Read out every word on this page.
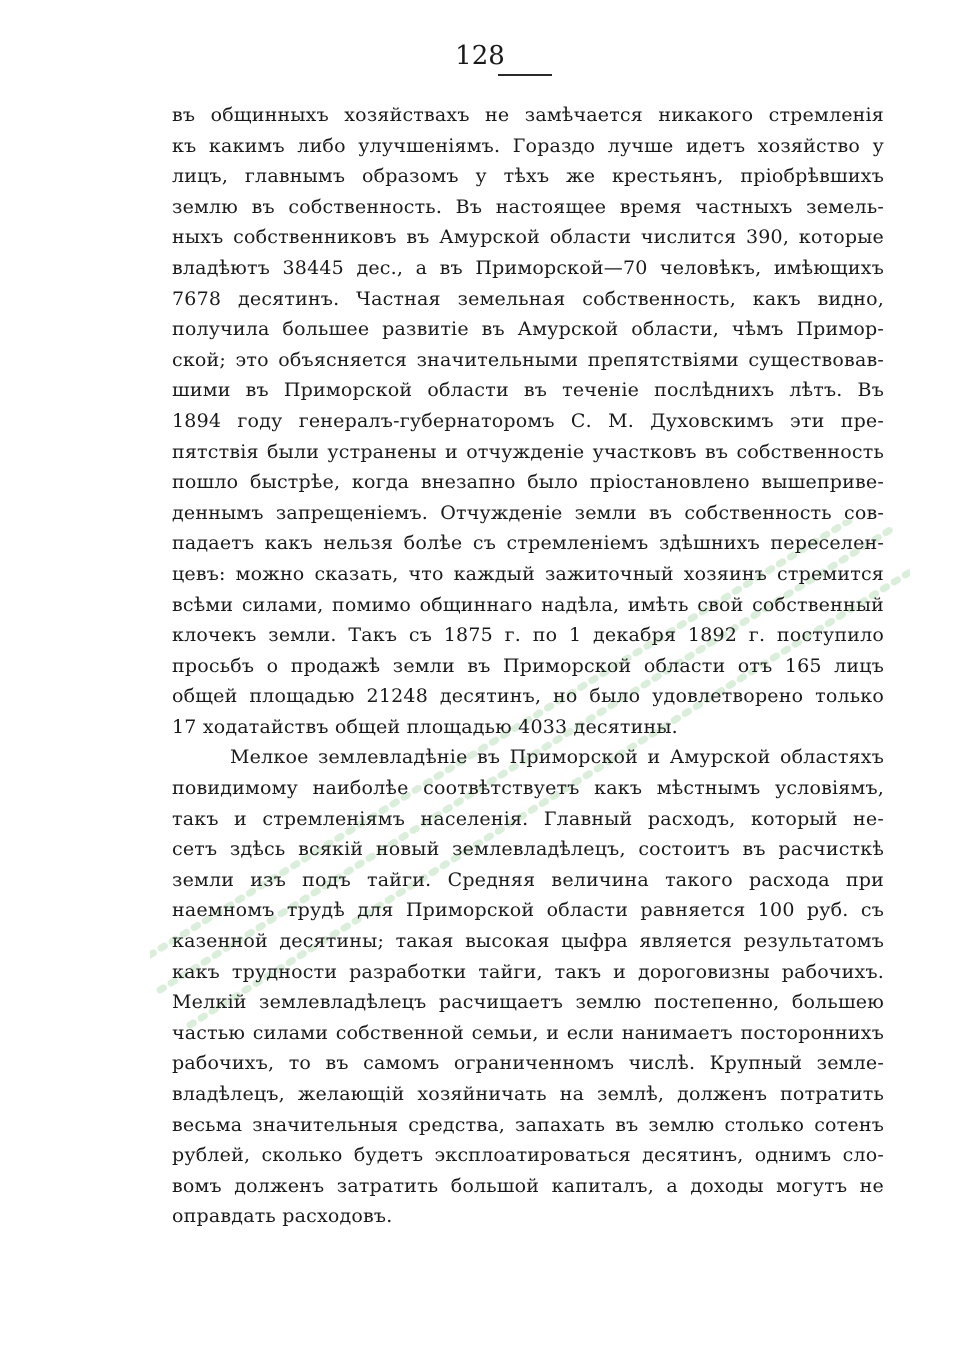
128
въ общинныхъ хозяйствахъ не замѣчается никакого стремленія
къ какимъ либо улучшеніямъ. Гораздо лучше идетъ хозяйство у
лицъ, главнымъ образомъ у тѣхъ же крестьянъ, пріобрѣвшихъ
землю въ собственность. Въ настоящее время частныхъ земель-
ныхъ собственниковъ въ Амурской области числится 390, которые
владѣютъ 38445 дес., а въ Приморской—70 человѣкъ, имѣющихъ
7678 десятинъ. Частная земельная собственность, какъ видно,
получила большее развитіе въ Амурской области, чѣмъ Примор-
ской; это объясняется значительными препятствіями существовав-
шими въ Приморской области въ теченіе послѣднихъ лѣтъ. Въ
1894 году генералъ-губернаторомъ С. М. Духовскимъ эти пре-
пятствія были устранены и отчужденіе участковъ въ собственность
пошло быстрѣе, когда внезапно было пріостановлено вышеприве-
деннымъ запрещеніемъ. Отчужденіе земли въ собственность сов-
падаетъ какъ нельзя болѣе съ стремленіемъ здѣшнихъ переселен-
цевъ: можно сказать, что каждый зажиточный хозяинъ стремится
всѣми силами, помимо общиннаго надѣла, имѣть свой собственный
клочекъ земли. Такъ съ 1875 г. по 1 декабря 1892 г. поступило
просьбъ о продажѣ земли въ Приморской области отъ 165 лицъ
общей площадью 21248 десятинъ, но было удовлетворено только
17 ходатайствъ общей площадью 4033 десятины.
Мелкое землевладѣніе въ Приморской и Амурской областяхъ
повидимому наиболѣе соотвѣтствуетъ какъ мѣстнымъ условіямъ,
такъ и стремленіямъ населенія. Главный расходъ, который не-
сетъ здѣсь всякій новый землевладѣлецъ, состоитъ въ расчисткѣ
земли изъ подъ тайги. Средняя величина такого расхода при
наемномъ трудѣ для Приморской области равняется 100 руб. съ
казенной десятины; такая высокая цыфра является результатомъ
какъ трудности разработки тайги, такъ и дороговизны рабочихъ.
Мелкій землевладѣлецъ расчищаетъ землю постепенно, большею
частью силами собственной семьи, и если нанимаетъ постороннихъ
рабочихъ, то въ самомъ ограниченномъ числѣ. Крупный земле-
владѣлецъ, желающій хозяйничать на землѣ, долженъ потратить
весьма значительныя средства, запахать въ землю столько сотенъ
рублей, сколько будетъ эксплоатироваться десятинъ, однимъ сло-
вомъ долженъ затратить большой капиталъ, а доходы могутъ не
оправдать расходовъ.
